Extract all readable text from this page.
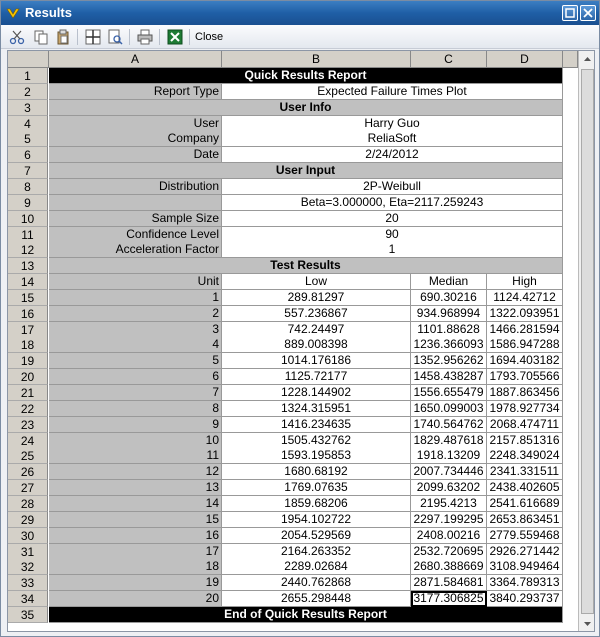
Results
Close
A	B	C	D
1	Quick Results Report
2	Report Type	Expected Failure Times Plot
3	User Info
4	User	Harry Guo
5	Company	ReliaSoft
6	Date	2/24/2012
7	User Input
8	Distribution	2P-Weibull
9	Beta=3.000000, Eta=2117.259243
10	Sample Size	20
11	Confidence Level	90
12	Acceleration Factor	1
13	Test Results
14	Unit	Low	Median	High
15	1	289.81297	690.30216	1124.42712
16	2	557.236867	934.968994 1322.093951
17	3	742.24497	1101.88628 1466.281594
18	4	889.008398	1236.366093 1586.947288
19	5	1014.176186	1352.956262 1694.403182
20	6	1125.72177	1458.438287 1793.705566
21	7	1228.144902	1556.655479 1887.863456
22	8	1324.315951	1650.099003 1978.927734
23	9	1416.234635	1740.564762 2068.474711
24	10	1505.432762	1829.487618 2157.851316
25	11	1593.195853	1918.13209 2248.349024
26	12	1680.68192	2007.734446 2341.331511
27	13	1769.07635	2099.63202 2438.402605
28	14	1859.68206	2195.4213	2541.616689
29	15	1954.102722	2297.199295 2653.863451
30	16	2054.529569	2408.00216 2779.559468
31	17	2164.263352	2532.720695 2926.271442
32	18	2289.02684	2680.388669 3108.949464
33	19	2440.762868	2871.584681 3364.789313
34	20	2655.298448	3177.306825 3840.293737
35	End of Quick Results Report
